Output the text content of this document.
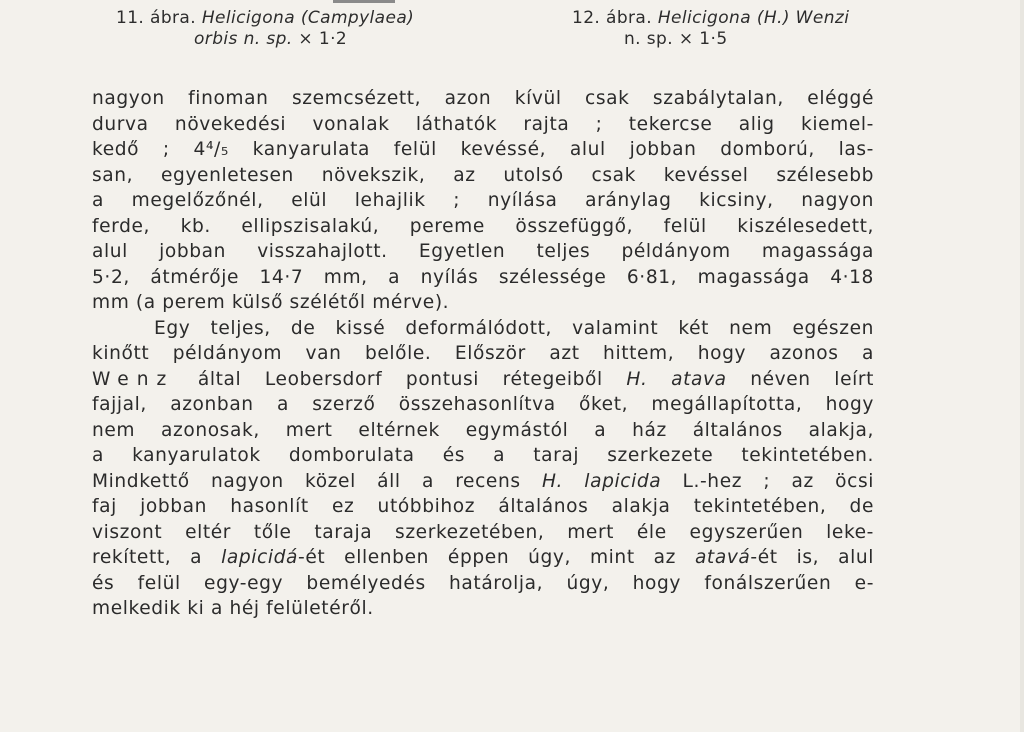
11. ábra. Helicigona (Campylaea)
orbis n. sp. × 1·2
12. ábra. Helicigona (H.) Wenzi
n. sp. × 1·5
nagyon finoman szemcsézett, azon kívül csak szabálytalan, eléggé
durva növekedési vonalak láthatók rajta ; tekercse alig kiemel-
kedő ; 4⁴/₅ kanyarulata felül kevéssé, alul jobban domború, las-
san, egyenletesen növekszik, az utolsó csak kevéssel szélesebb
a megelőzőnél, elül lehajlik ; nyílása aránylag kicsiny, nagyon
ferde, kb. ellipszisalakú, pereme összefüggő, felül kiszélesedett,
alul jobban visszahajlott. Egyetlen teljes példányom magassága
5·2, átmérője 14·7 mm, a nyílás szélessége 6·81, magassága 4·18
mm (a perem külső szélétől mérve).
Egy teljes, de kissé deformálódott, valamint két nem egészen
kinőtt példányom van belőle. Először azt hittem, hogy azonos a
Wenz által Leobersdorf pontusi rétegeiből H. atava néven leírt
fajjal, azonban a szerző összehasonlítva őket, megállapította, hogy
nem azonosak, mert eltérnek egymástól a ház általános alakja,
a kanyarulatok domborulata és a taraj szerkezete tekintetében.
Mindkettő nagyon közel áll a recens H. lapicida L.-hez ; az öcsi
faj jobban hasonlít ez utóbbihoz általános alakja tekintetében, de
viszont eltér tőle taraja szerkezetében, mert éle egyszerűen leke-
rekített, a lapicidá-ét ellenben éppen úgy, mint az atavá-ét is, alul
és felül egy-egy bemélyedés határolja, úgy, hogy fonálszerűen e-
melkedik ki a héj felületéről.
